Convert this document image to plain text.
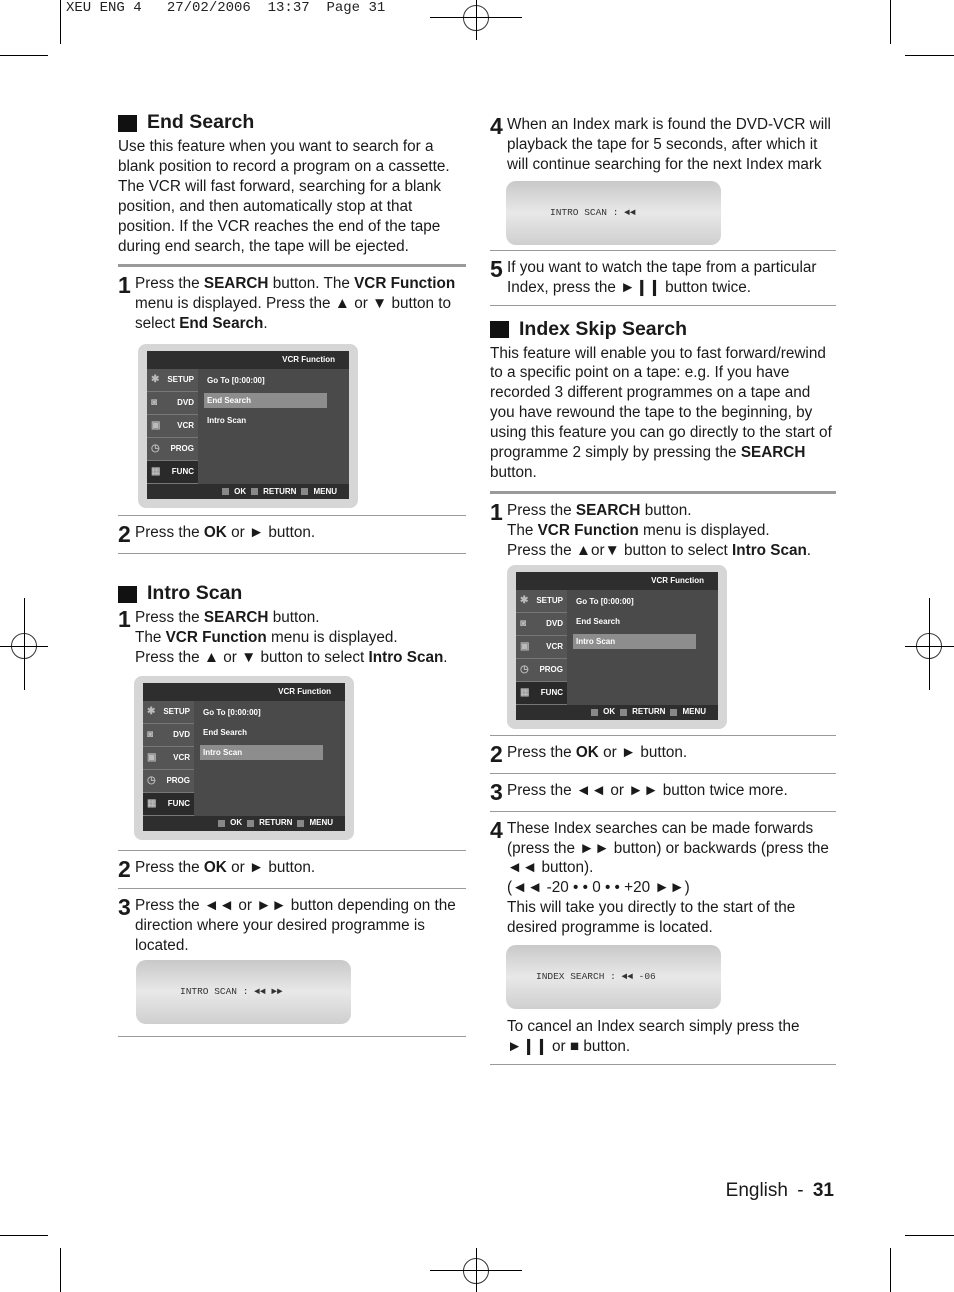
XEU ENG 4   27/02/2006  13:37  Page 31
End Search
Use this feature when you want to search for a blank position to record a program on a cassette. The VCR will fast forward, searching for a blank position, and then automatically stop at that position. If the VCR reaches the end of the tape during end search, the tape will be ejected.
1 Press the SEARCH button. The VCR Function menu is displayed. Press the ▲ or ▼ button to select End Search.
VCR Function
✱ SETUP
◙	DVD
▣ VCR
◷ PROG
▦ FUNC
Go To [0:00:00]
End Search
Intro Scan
OK RETURN MENU
2 Press the OK or ► button.
Intro Scan
1 Press the SEARCH button.
The VCR Function menu is displayed.
Press the ▲ or ▼ button to select Intro Scan.
VCR Function
✱ SETUP
◙	DVD
▣ VCR
◷ PROG
▦ FUNC
Go To [0:00:00]
End Search
Intro Scan
OK RETURN MENU
2 Press the OK or ► button.
3 Press the ◄◄ or ►► button depending on the direction where your desired programme is located.
INTRO SCAN : ◄◄ ►►
4 When an Index mark is found the DVD-VCR will playback the tape for 5 seconds, after which it will continue searching for the next Index mark
INTRO SCAN : ◄◄
5 If you want to watch the tape from a particular Index, press the ►❙❙ button twice.
Index Skip Search
This feature will enable you to fast forward/rewind to a specific point on a tape: e.g. If you have recorded 3 different programmes on a tape and you have rewound the tape to the beginning, by using this feature you can go directly to the start of programme 2 simply by pressing the SEARCH button.
1 Press the SEARCH button.
The VCR Function menu is displayed.
Press the ▲or▼ button to select Intro Scan.
VCR Function
✱ SETUP
◙	DVD
▣ VCR
◷ PROG
▦ FUNC
Go To [0:00:00]
End Search
Intro Scan
OK RETURN MENU
2 Press the OK or ► button.
3 Press the ◄◄ or ►► button twice more.
4 These Index searches can be made forwards (press the ►► button) or backwards (press the ◄◄ button).
(◄◄ -20 • • 0 • • +20 ►►)
This will take you directly to the start of the desired programme is located.
INDEX SEARCH : ◄◄ -06
To cancel an Index search simply press the ►❙❙ or ■ button.
English - 31
